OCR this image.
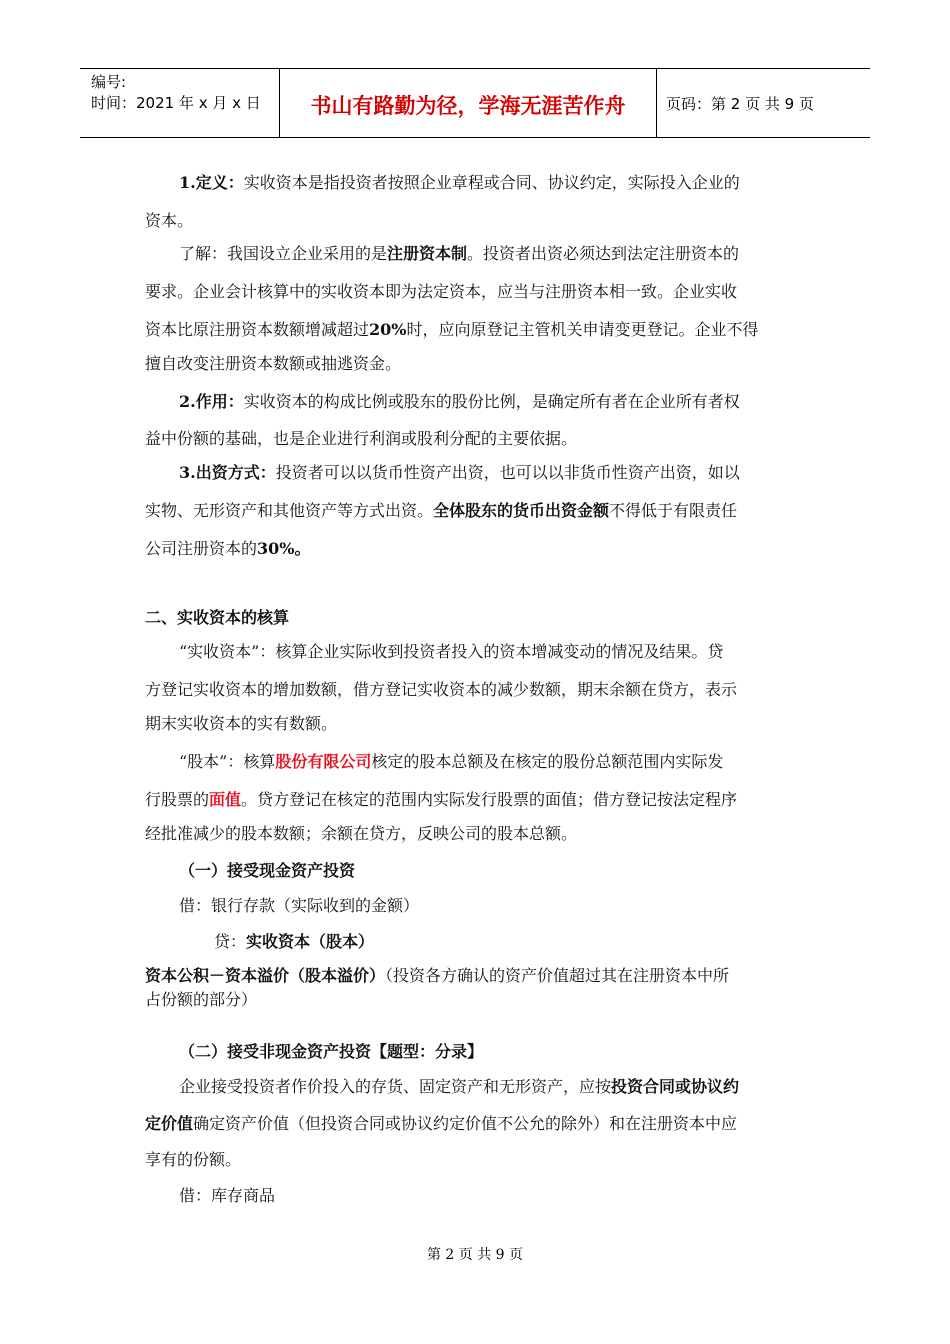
编号:
时间：2021 年 x 月 x 日	书山有路勤为径，学海无涯苦作舟	页码：第 2 页 共 9 页
1.定义：实收资本是指投资者按照企业章程或合同、协议约定，实际投入企业的
资本。
了解：我国设立企业采用的是注册资本制。投资者出资必须达到法定注册资本的
要求。企业会计核算中的实收资本即为法定资本，应当与注册资本相一致。企业实收
资本比原注册资本数额增减超过20%时，应向原登记主管机关申请变更登记。企业不得
擅自改变注册资本数额或抽逃资金。
2.作用：实收资本的构成比例或股东的股份比例，是确定所有者在企业所有者权
益中份额的基础，也是企业进行利润或股利分配的主要依据。
3.出资方式：投资者可以以货币性资产出资，也可以以非货币性资产出资，如以
实物、无形资产和其他资产等方式出资。全体股东的货币出资金额不得低于有限责任
公司注册资本的30%。
二、实收资本的核算
“实收资本”：核算企业实际收到投资者投入的资本增减变动的情况及结果。贷
方登记实收资本的增加数额，借方登记实收资本的减少数额，期末余额在贷方，表示
期末实收资本的实有数额。
“股本”：核算股份有限公司核定的股本总额及在核定的股份总额范围内实际发
行股票的面值。贷方登记在核定的范围内实际发行股票的面值；借方登记按法定程序
经批准减少的股本数额；余额在贷方，反映公司的股本总额。
（一）接受现金资产投资
借：银行存款（实际收到的金额）
贷：实收资本（股本）
资本公积－资本溢价（股本溢价）（投资各方确认的资产价值超过其在注册资本中所
占份额的部分）
（二）接受非现金资产投资【题型：分录】
企业接受投资者作价投入的存货、固定资产和无形资产，应按投资合同或协议约
定价值确定资产价值（但投资合同或协议约定价值不公允的除外）和在注册资本中应
享有的份额。
借：库存商品
第 2 页 共 9 页
